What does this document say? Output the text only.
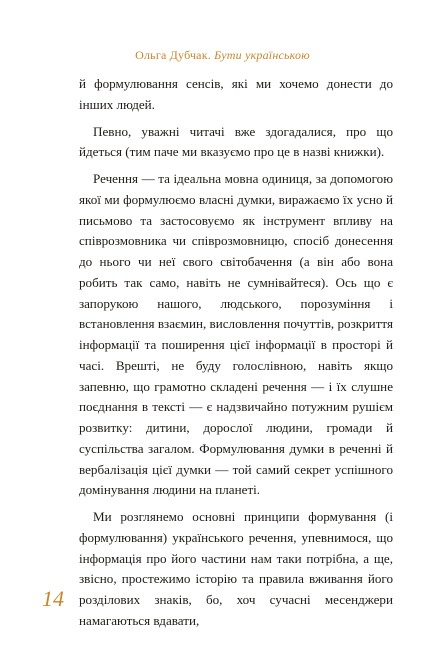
Ольга Дубчак. Бути українською

й формулювання сенсів, які ми хочемо донести до інших людей.

Певно, уважні читачі вже здогадалися, про що йдеться (тим паче ми вказуємо про це в назві книжки).

Речення — та ідеальна мовна одиниця, за допомогою якої ми формулюємо власні думки, виражаємо їх усно й письмово та застосовуємо як інструмент впливу на співрозмовника чи співрозмовницю, спосіб донесення до нього чи неї свого світобачення (а він або вона робить так само, навіть не сумнівайтеся). Ось що є запорукою нашого, людського, порозуміння і встановлення взаємин, висловлення почуттів, розкриття інформації та поширення цієї інформації в просторі й часі. Врешті, не буду голослівною, навіть якщо запевню, що грамотно складені речення — і їх слушне поєднання в тексті — є надзвичайно потужним рушієм розвитку: дитини, дорослої людини, громади й суспільства загалом. Формулювання думки в реченні й вербалізація цієї думки — той самий секрет успішного домінування людини на планеті.

Ми розглянемо основні принципи формування (і формулювання) українського речення, упевнимося, що інформація про його частини нам таки потрібна, а ще, звісно, простежимо історію та правила вживання його розділових знаків, бо, хоч сучасні месенджери намагаються вдавати,

14
